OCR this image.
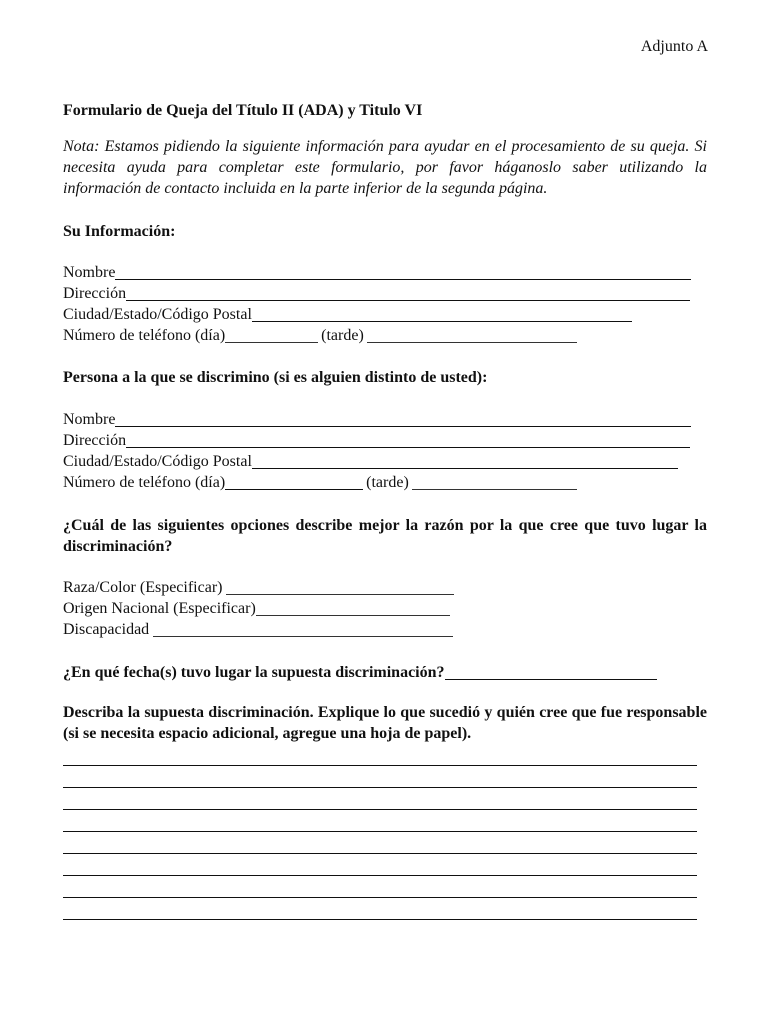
Adjunto A

Formulario de Queja del Título II (ADA) y Titulo VI

Nota: Estamos pidiendo la siguiente información para ayudar en el procesamiento de su queja. Si necesita ayuda para completar este formulario, por favor háganoslo saber utilizando la información de contacto incluida en la parte inferior de la segunda página.

Su Información:

Nombre
Dirección
Ciudad/Estado/Código Postal
Número de teléfono (día)	(tarde)

Persona a la que se discrimino (si es alguien distinto de usted):

Nombre
Dirección
Ciudad/Estado/Código Postal
Número de teléfono (día)	(tarde)

¿Cuál de las siguientes opciones describe mejor la razón por la que cree que tuvo lugar la discriminación?

Raza/Color (Especificar)
Origen Nacional (Especificar)
Discapacidad
¿En qué fecha(s) tuvo lugar la supuesta discriminación?

Describa la supuesta discriminación. Explique lo que sucedió y quién cree que fue responsable (si se necesita espacio adicional, agregue una hoja de papel).
